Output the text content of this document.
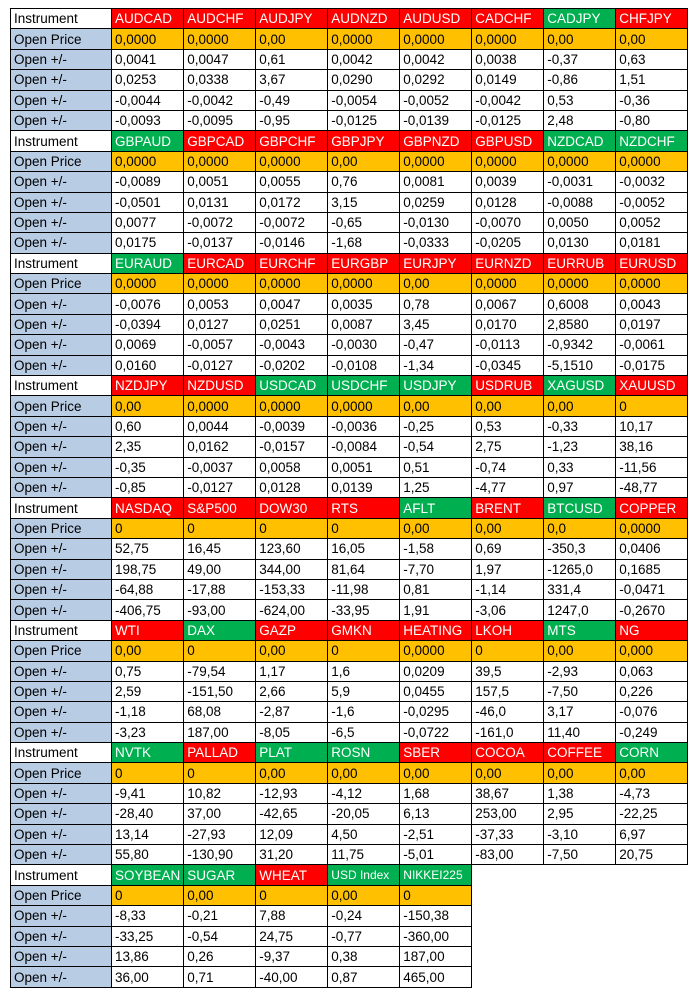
Instrument	AUDCAD	AUDCHF	AUDJPY	AUDNZD	AUDUSD	CADCHF	CADJPY	CHFJPY
Open Price	0,0000	0,0000	0,00	0,0000	0,0000	0,0000	0,00	0,00
Open +/-	0,0041	0,0047	0,61	0,0042	0,0042	0,0038	-0,37	0,63
Open +/-	0,0253	0,0338	3,67	0,0290	0,0292	0,0149	-0,86	1,51
Open +/-	-0,0044	-0,0042	-0,49	-0,0054	-0,0052	-0,0042	0,53	-0,36
Open +/-	-0,0093	-0,0095	-0,95	-0,0125	-0,0139	-0,0125	2,48	-0,80
Instrument	GBPAUD	GBPCAD	GBPCHF	GBPJPY	GBPNZD	GBPUSD	NZDCAD	NZDCHF
Open Price	0,0000	0,0000	0,0000	0,00	0,0000	0,0000	0,0000	0,0000
Open +/-	-0,0089	0,0051	0,0055	0,76	0,0081	0,0039	-0,0031	-0,0032
Open +/-	-0,0501	0,0131	0,0172	3,15	0,0259	0,0128	-0,0088	-0,0052
Open +/-	0,0077	-0,0072	-0,0072	-0,65	-0,0130	-0,0070	0,0050	0,0052
Open +/-	0,0175	-0,0137	-0,0146	-1,68	-0,0333	-0,0205	0,0130	0,0181
Instrument	EURAUD	EURCAD	EURCHF	EURGBP	EURJPY	EURNZD	EURRUB	EURUSD
Open Price	0,0000	0,0000	0,0000	0,0000	0,00	0,0000	0,0000	0,0000
Open +/-	-0,0076	0,0053	0,0047	0,0035	0,78	0,0067	0,6008	0,0043
Open +/-	-0,0394	0,0127	0,0251	0,0087	3,45	0,0170	2,8580	0,0197
Open +/-	0,0069	-0,0057	-0,0043	-0,0030	-0,47	-0,0113	-0,9342	-0,0061
Open +/-	0,0160	-0,0127	-0,0202	-0,0108	-1,34	-0,0345	-5,1510	-0,0175
Instrument	NZDJPY	NZDUSD	USDCAD	USDCHF	USDJPY	USDRUB	XAGUSD	XAUUSD
Open Price	0,00	0,0000	0,0000	0,0000	0,00	0,00	0,00	0
Open +/-	0,60	0,0044	-0,0039	-0,0036	-0,25	0,53	-0,33	10,17
Open +/-	2,35	0,0162	-0,0157	-0,0084	-0,54	2,75	-1,23	38,16
Open +/-	-0,35	-0,0037	0,0058	0,0051	0,51	-0,74	0,33	-11,56
Open +/-	-0,85	-0,0127	0,0128	0,0139	1,25	-4,77	0,97	-48,77
Instrument	NASDAQ	S&P500	DOW30	RTS	AFLT	BRENT	BTCUSD	COPPER
Open Price	0	0	0	0	0,00	0,00	0,0	0,0000
Open +/-	52,75	16,45	123,60	16,05	-1,58	0,69	-350,3	0,0406
Open +/-	198,75	49,00	344,00	81,64	-7,70	1,97	-1265,0	0,1685
Open +/-	-64,88	-17,88	-153,33	-11,98	0,81	-1,14	331,4	-0,0471
Open +/-	-406,75	-93,00	-624,00	-33,95	1,91	-3,06	1247,0	-0,2670
Instrument	WTI	DAX	GAZP	GMKN	HEATING	LKOH	MTS	NG
Open Price	0,00	0	0,00	0	0,0000	0	0,00	0,000
Open +/-	0,75	-79,54	1,17	1,6	0,0209	39,5	-2,93	0,063
Open +/-	2,59	-151,50	2,66	5,9	0,0455	157,5	-7,50	0,226
Open +/-	-1,18	68,08	-2,87	-1,6	-0,0295	-46,0	3,17	-0,076
Open +/-	-3,23	187,00	-8,05	-6,5	-0,0722	-161,0	11,40	-0,249
Instrument	NVTK	PALLAD	PLAT	ROSN	SBER	COCOA	COFFEE	CORN
Open Price	0	0	0,00	0,00	0,00	0,00	0,00	0,00
Open +/-	-9,41	10,82	-12,93	-4,12	1,68	38,67	1,38	-4,73
Open +/-	-28,40	37,00	-42,65	-20,05	6,13	253,00	2,95	-22,25
Open +/-	13,14	-27,93	12,09	4,50	-2,51	-37,33	-3,10	6,97
Open +/-	55,80	-130,90	31,20	11,75	-5,01	-83,00	-7,50	20,75
Instrument	SOYBEAN	SUGAR	WHEAT	USD Index	NIKKEI225			
Open Price	0	0,00	0	0,00	0			
Open +/-	-8,33	-0,21	7,88	-0,24	-150,38			
Open +/-	-33,25	-0,54	24,75	-0,77	-360,00			
Open +/-	13,86	0,26	-9,37	0,38	187,00			
Open +/-	36,00	0,71	-40,00	0,87	465,00			
